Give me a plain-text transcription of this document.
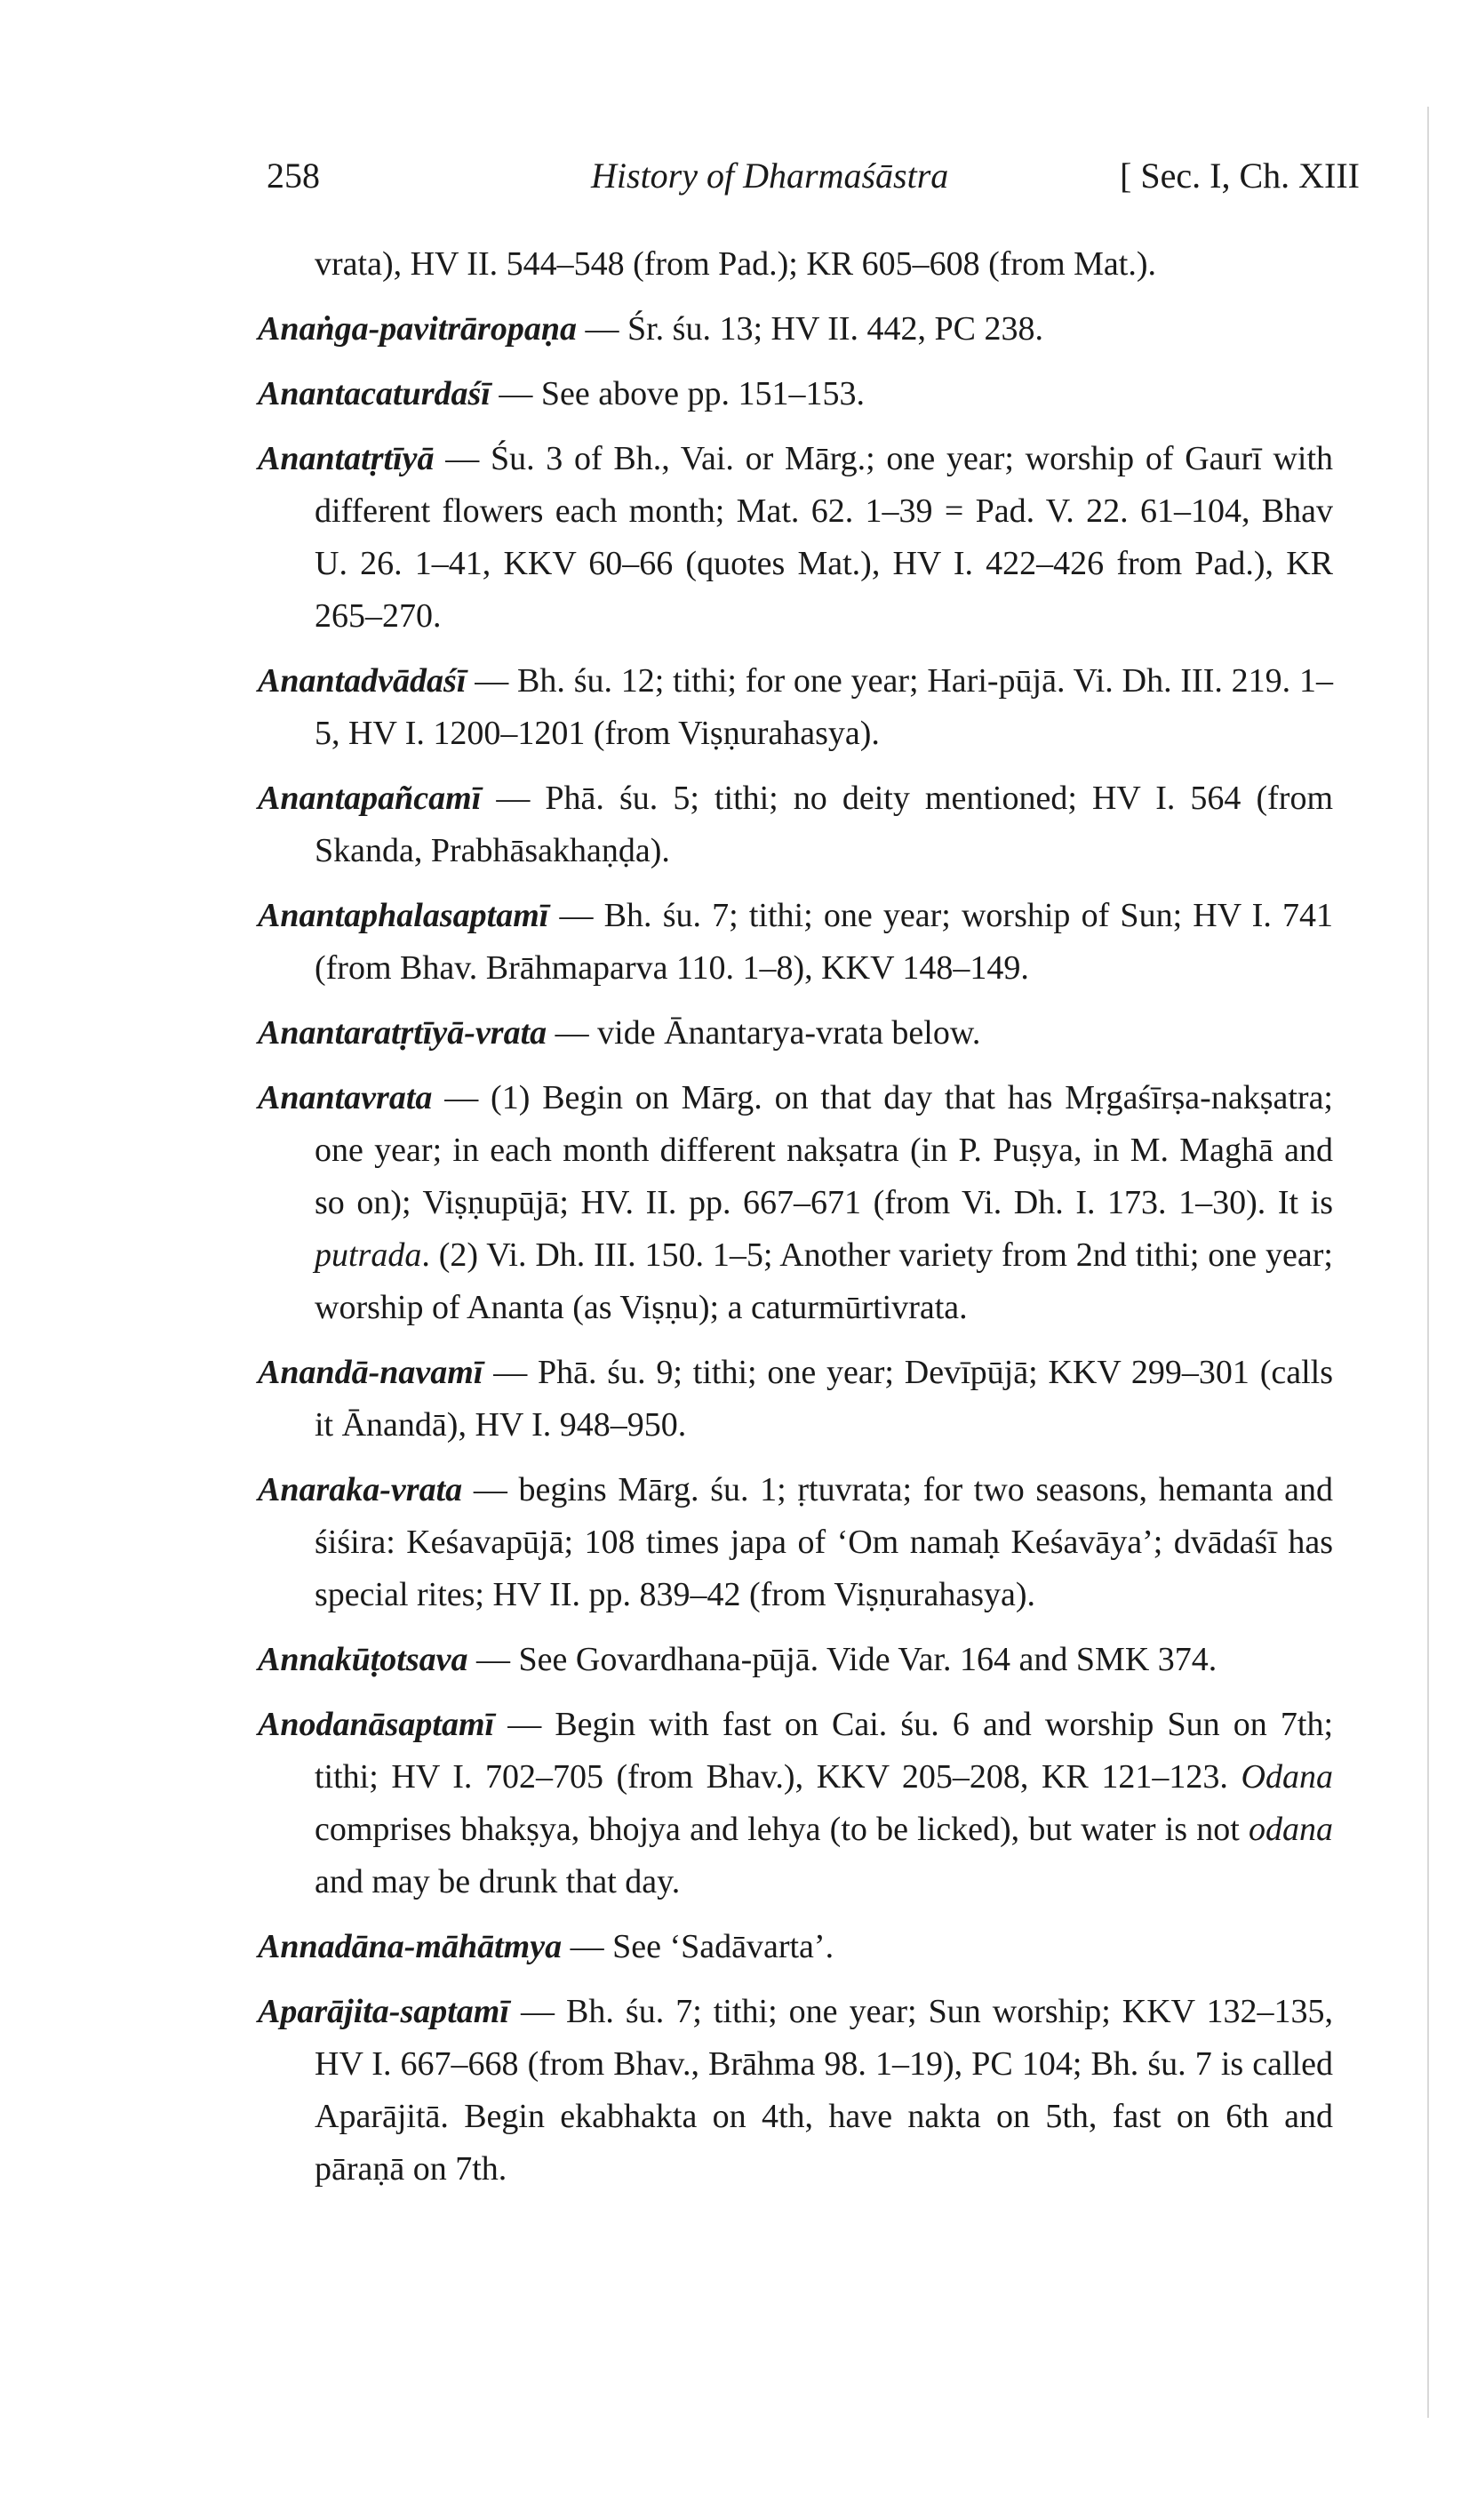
258	History of Dharmaśāstra	[ Sec. I, Ch. XIII

vrata), HV II. 544–548 (from Pad.); KR 605–608 (from Mat.).

Anaṅga-pavitrāropaṇa — Śr. śu. 13; HV II. 442, PC 238.

Anantacaturdaśī — See above pp. 151–153.

Anantatṛtīyā — Śu. 3 of Bh., Vai. or Mārg.; one year; worship of Gaurī with different flowers each month; Mat. 62. 1–39 = Pad. V. 22. 61–104, Bhav U. 26. 1–41, KKV 60–66 (quotes Mat.), HV I. 422–426 from Pad.), KR 265–270.

Anantadvādaśī — Bh. śu. 12; tithi; for one year; Hari-pūjā. Vi. Dh. III. 219. 1–5, HV I. 1200–1201 (from Viṣṇurahasya).

Anantapañcamī — Phā. śu. 5; tithi; no deity mentioned; HV I. 564 (from Skanda, Prabhāsakhaṇḍa).

Anantaphalasaptamī — Bh. śu. 7; tithi; one year; worship of Sun; HV I. 741 (from Bhav. Brāhmaparva 110. 1–8), KKV 148–149.

Anantaratṛtīyā-vrata — vide Ānantarya-vrata below.

Anantavrata — (1) Begin on Mārg. on that day that has Mṛgaśīrṣa-nakṣatra; one year; in each month different nakṣatra (in P. Puṣya, in M. Maghā and so on); Viṣṇupūjā; HV. II. pp. 667–671 (from Vi. Dh. I. 173. 1–30). It is putrada. (2) Vi. Dh. III. 150. 1–5; Another variety from 2nd tithi; one year; worship of Ananta (as Viṣṇu); a caturmūrtivrata.

Anandā-navamī — Phā. śu. 9; tithi; one year; Devīpūjā; KKV 299–301 (calls it Ānandā), HV I. 948–950.

Anaraka-vrata — begins Mārg. śu. 1; ṛtuvrata; for two seasons, hemanta and śiśira: Keśavapūjā; 108 times japa of ‘Om namaḥ Keśavāya’; dvādaśī has special rites; HV II. pp. 839–42 (from Viṣṇurahasya).

Annakūṭotsava — See Govardhana-pūjā. Vide Var. 164 and SMK 374.

Anodanāsaptamī — Begin with fast on Cai. śu. 6 and worship Sun on 7th; tithi; HV I. 702–705 (from Bhav.), KKV 205–208, KR 121–123. Odana comprises bhakṣya, bhojya and lehya (to be licked), but water is not odana and may be drunk that day.

Annadāna-māhātmya — See ‘Sadāvarta’.

Aparājita-saptamī — Bh. śu. 7; tithi; one year; Sun worship; KKV 132–135, HV I. 667–668 (from Bhav., Brāhma 98. 1–19), PC 104; Bh. śu. 7 is called Aparājitā. Begin ekabhakta on 4th, have nakta on 5th, fast on 6th and pāraṇā on 7th.
